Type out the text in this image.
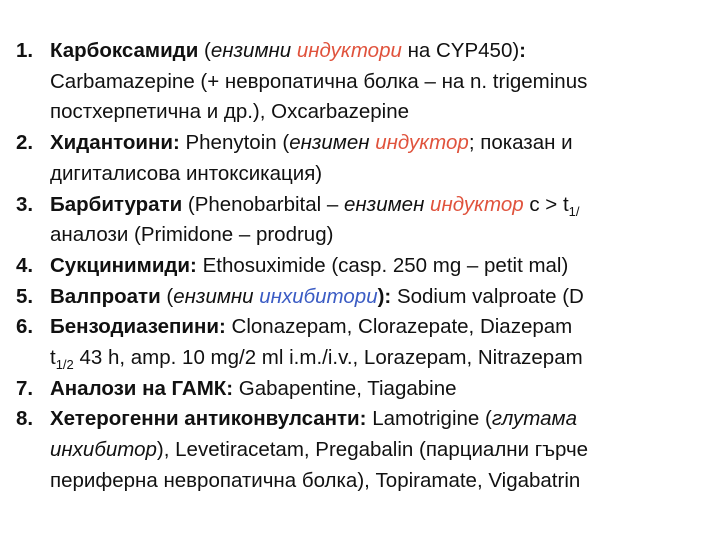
1. Карбоксамиди (ензимни индуктори на CYP450):
Carbamazepine (+ невропатична болка – на n. trigeminus
постхерпетична и др.), Oxcarbazepine
2. Хидантоини: Phenytoin (ензимен индуктор; показан и
дигиталисова интоксикация)
3. Барбитурати (Phenobarbital – ензимен индуктор $с > t_{1/}$
аналози (Primidone – prodrug)
4. Сукцинимиди: Ethosuximide (casp. 250 mg – petit mal)
5. Валпроати (ензимни инхибитори): Sodium valproate (D
6. Бензодиазепини: Clonazepam, Clorazepate, Diazepam
$t_{1/2}$ 43 h, amp. 10 mg/2 ml i.m./i.v., Lorazepam, Nitrazepam
7. Аналози на ГАМК: Gabapentine, Tiagabine
8. Хетерогенни антиконвулсанти: Lamotrigine (глутама
инхибитор), Levetiracetam, Pregabalin (парциални гърче
периферна невропатична болка), Topiramate, Vigabatrin
